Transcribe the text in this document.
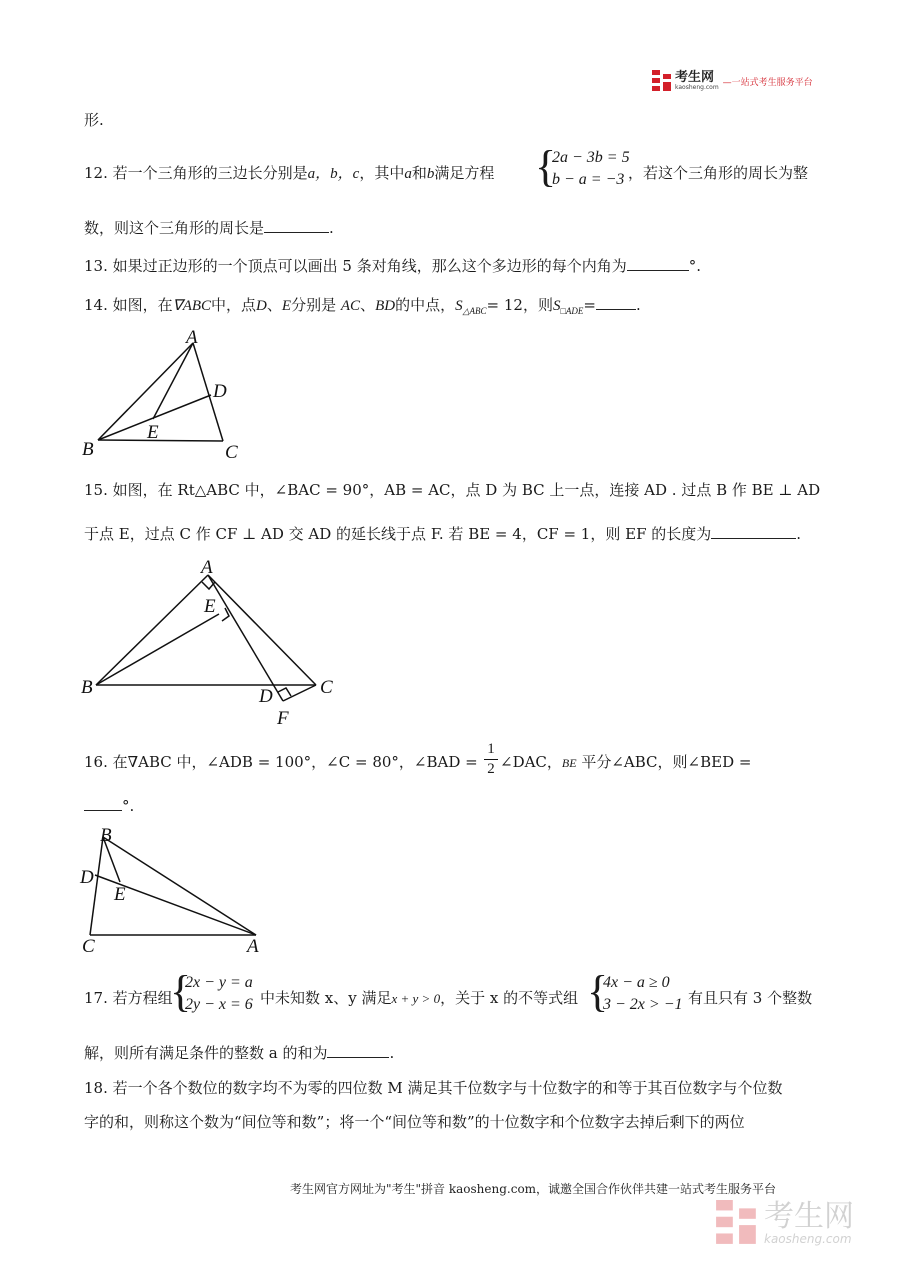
考生网
kaosheng.com —一站式考生服务平台
形.
12. 若一个三角形的三边长分别是a，b，c，其中a和b满足方程 {
2a − 3b = 5
b − a = −3 ，若这个三角形的周长为整
数，则这个三角形的周长是	.
13. 如果过正边形的一个顶点可以画出 5 条对角线，那么这个多边形的每个内角为	°.
14. 如图，在∇ABC中，点D、E分别是 AC、BD的中点，$S_{\triangle ABC}= 12$，则$S_{□ADE}=$	.
A
B	C
D
E
15. 如图，在 Rt△ABC 中，∠BAC = 90°，AB = AC，点 D 为 BC 上一点，连接 AD . 过点 B 作 BE ⊥ AD
于点 E，过点 C 作 CF ⊥ AD 交 AD 的延长线于点 F. 若 BE = 4，CF = 1，则 EF 的长度为	.
A
B	C
D
E
F
16. 在∇ABC 中，∠ADB = 100°，∠C = 80°，∠BAD =
1
2 ∠DAC，BE 平分∠ABC，则∠BED =
°.
B
D
E
C	A
17. 若方程组
{
2x − y = a
2y − x = 6 中未知数 x、y 满足x + y > 0，关于 x 的不等式组 {
4x − a ≥ 0
3 − 2x > −1 有且只有 3 个整数
解，则所有满足条件的整数 a 的和为	.
18. 若一个各个数位的数字均不为零的四位数 M 满足其千位数字与十位数字的和等于其百位数字与个位数
字的和，则称这个数为“间位等和数”；将一个“间位等和数”的十位数字和个位数字去掉后剩下的两位
考生网官方网址为"考生"拼音 kaosheng.com，诚邀全国合作伙伴共建一站式考生服务平台
考生网
kaosheng.com
